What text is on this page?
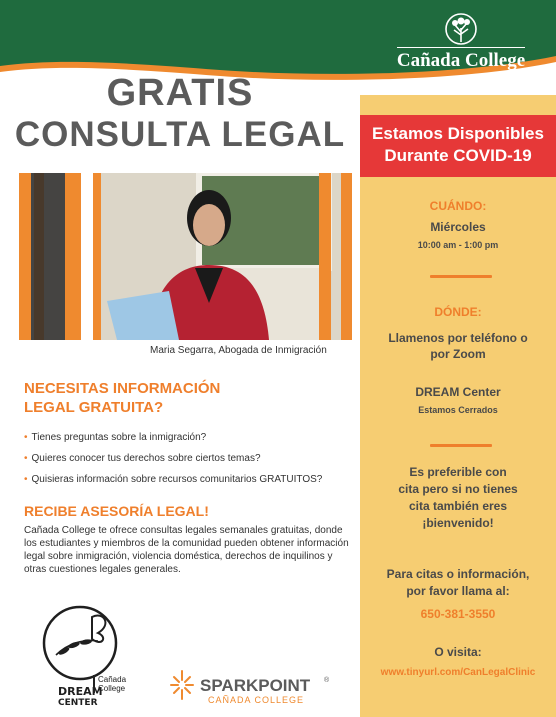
Cañada College
GRATIS
CONSULTA LEGAL	Estamos Disponibles
Durante COVID-19
CUÁNDO:
Miércoles
10:00 am - 1:00 pm
DÓNDE:
Llamenos por teléfono o
por Zoom
DREAM Center
Estamos Cerrados
Es preferible con
cita pero si no tienes
cita también eres
¡bienvenido!
Para citas o información,
por favor llama al:
650-381-3550
O visita:
www.tinyurl.com/CanLegalClinic
Maria Segarra, Abogada de Inmigración
NECESITAS INFORMACIÓN
LEGAL GRATUITA?
• Tienes preguntas sobre la inmigración?
• Quieres conocer tus derechos sobre ciertos temas?
• Quisieras información sobre recursos comunitarios GRATUITOS?
RECIBE ASESORÍA LEGAL!
Cañada College te ofrece consultas legales semanales gratuitas, donde los estudiantes y miembros de la comunidad pueden obtener información legal sobre inmigración, violencia doméstica, derechos de inquilinos y otras cuestiones legales generales.
DREAM
CENTER
Cañada
College	SPARKPOINT ®
CAÑADA COLLEGE
